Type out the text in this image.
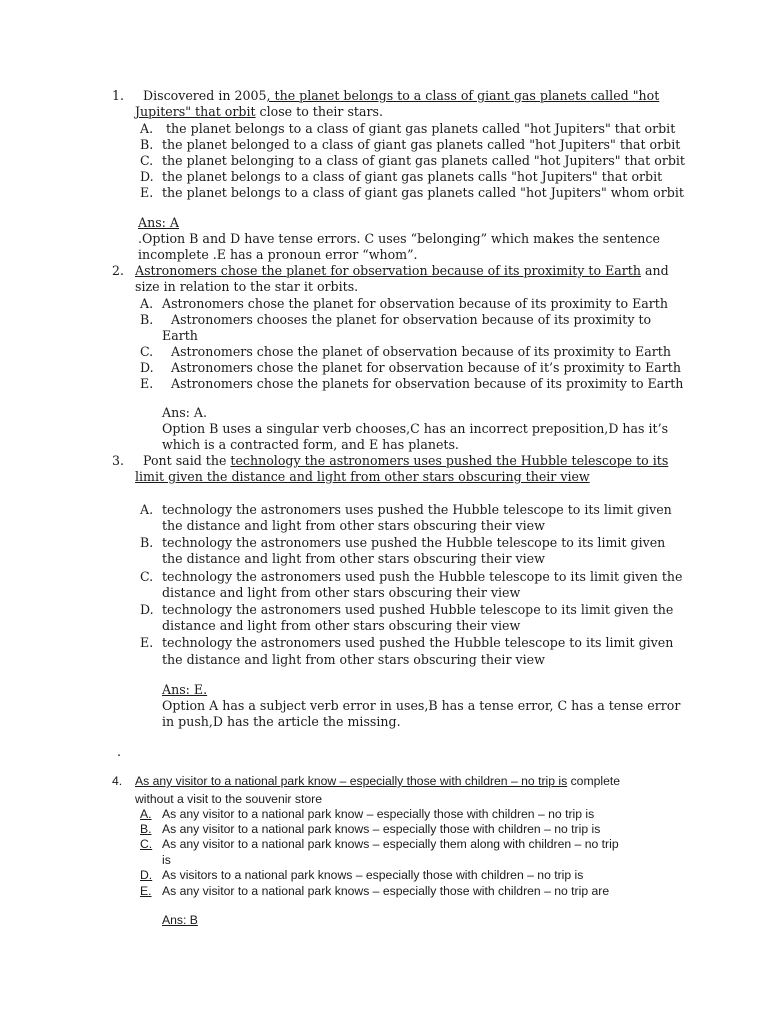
1. Discovered in 2005, the planet belongs to a class of giant gas planets called "hot
Jupiters" that orbit close to their stars.
A. the planet belongs to a class of giant gas planets called "hot Jupiters" that orbit
B. the planet belonged to a class of giant gas planets called "hot Jupiters" that orbit
C. the planet belonging to a class of giant gas planets called "hot Jupiters" that orbit
D. the planet belongs to a class of giant gas planets calls "hot Jupiters" that orbit
E. the planet belongs to a class of giant gas planets called "hot Jupiters" whom orbit
Ans: A
.Option B and D have tense errors. C uses “belonging” which makes the sentence
incomplete .E has a pronoun error “whom”.
2. Astronomers chose the planet for observation because of its proximity to Earth and
size in relation to the star it orbits.
A. Astronomers chose the planet for observation because of its proximity to Earth
B. Astronomers chooses the planet for observation because of its proximity to
Earth
C. Astronomers chose the planet of observation because of its proximity to Earth
D. Astronomers chose the planet for observation because of it’s proximity to Earth
E. Astronomers chose the planets for observation because of its proximity to Earth
Ans: A.
Option B uses a singular verb chooses,C has an incorrect preposition,D has it’s
which is a contracted form, and E has planets.
3. Pont said the technology the astronomers uses pushed the Hubble telescope to its
limit given the distance and light from other stars obscuring their view
A. technology the astronomers uses pushed the Hubble telescope to its limit given
the distance and light from other stars obscuring their view
B. technology the astronomers use pushed the Hubble telescope to its limit given
the distance and light from other stars obscuring their view
C. technology the astronomers used push the Hubble telescope to its limit given the
distance and light from other stars obscuring their view
D. technology the astronomers used pushed Hubble telescope to its limit given the
distance and light from other stars obscuring their view
E. technology the astronomers used pushed the Hubble telescope to its limit given
the distance and light from other stars obscuring their view
Ans: E.
Option A has a subject verb error in uses,B has a tense error, C has a tense error
in push,D has the article the missing.
.
4. As any visitor to a national park know – especially those with children – no trip is complete
without a visit to the souvenir store
A. As any visitor to a national park know – especially those with children – no trip is
B. As any visitor to a national park knows – especially those with children – no trip is
C. As any visitor to a national park knows – especially them along with children – no trip
is
D. As visitors to a national park knows – especially those with children – no trip is
E. As any visitor to a national park knows – especially those with children – no trip are
Ans: B
